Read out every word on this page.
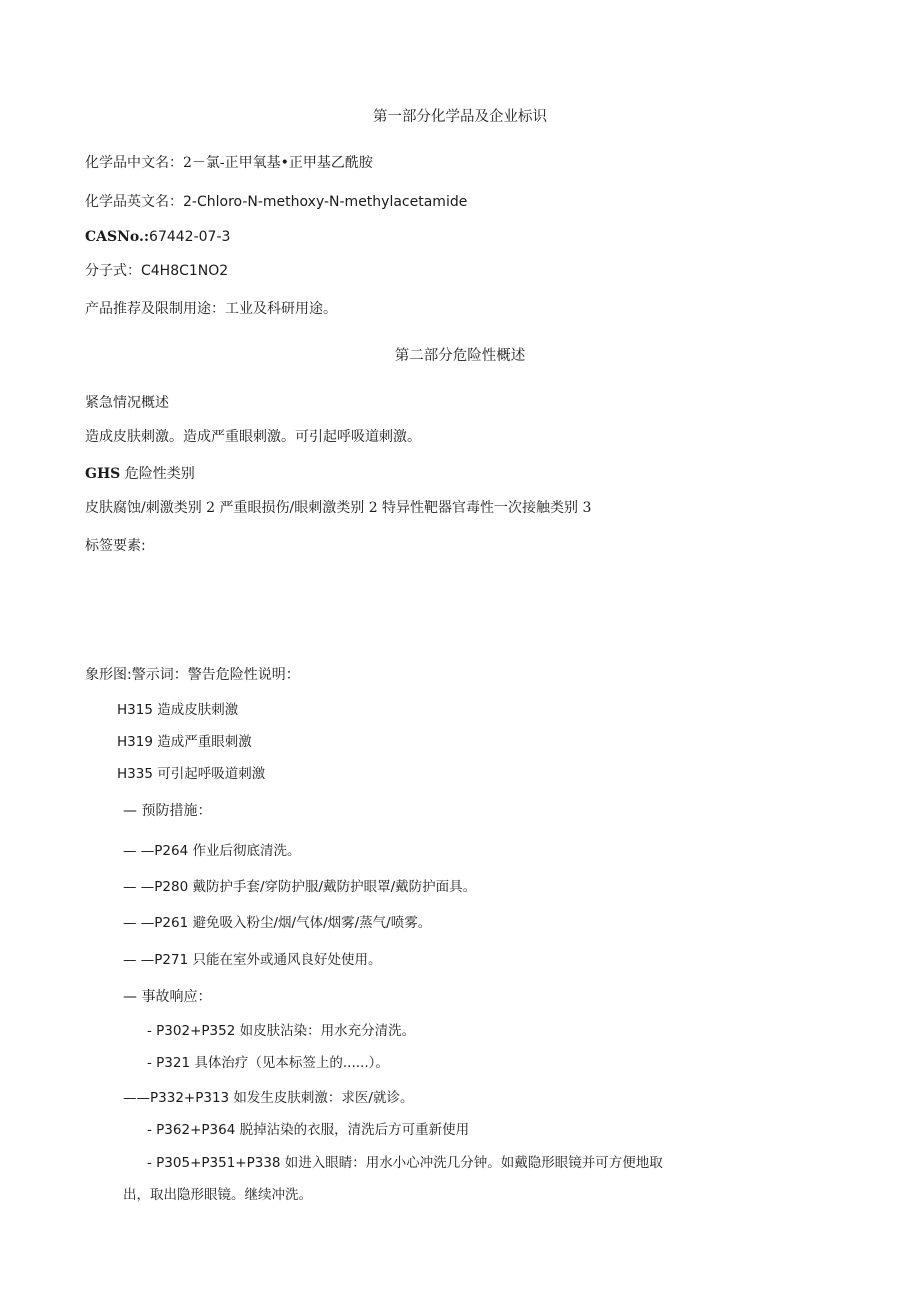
第一部分化学品及企业标识
化学品中文名：2－氯-正甲氧基•正甲基乙酰胺
化学品英文名：2-Chloro-N-methoxy-N-methylacetamide
CASNo.:67442-07-3
分子式：C4H8C1NO2
产品推荐及限制用途：工业及科研用途。
第二部分危险性概述
紧急情况概述
造成皮肤刺激。造成严重眼刺激。可引起呼吸道刺激。
GHS 危险性类别
皮肤腐蚀/刺激类别 2 严重眼损伤/眼刺激类别 2 特异性靶器官毒性一次接触类别 3
标签要素:
象形图:警示词：警告危险性说明：
H315 造成皮肤刺激
H319 造成严重眼刺激
H335 可引起呼吸道刺激
— 预防措施：
— —P264 作业后彻底清洗。
— —P280 戴防护手套/穿防护服/戴防护眼罩/戴防护面具。
— —P261 避免吸入粉尘/烟/气体/烟雾/蒸气/喷雾。
— —P271 只能在室外或通风良好处使用。
— 事故响应：
- P302+P352 如皮肤沾染：用水充分清洗。
- P321 具体治疗（见本标签上的......）。
——P332+P313 如发生皮肤刺激：求医/就诊。
- P362+P364 脱掉沾染的衣服，清洗后方可重新使用
- P305+P351+P338 如进入眼睛：用水小心冲洗几分钟。如戴隐形眼镜并可方便地取
出，取出隐形眼镜。继续冲洗。
